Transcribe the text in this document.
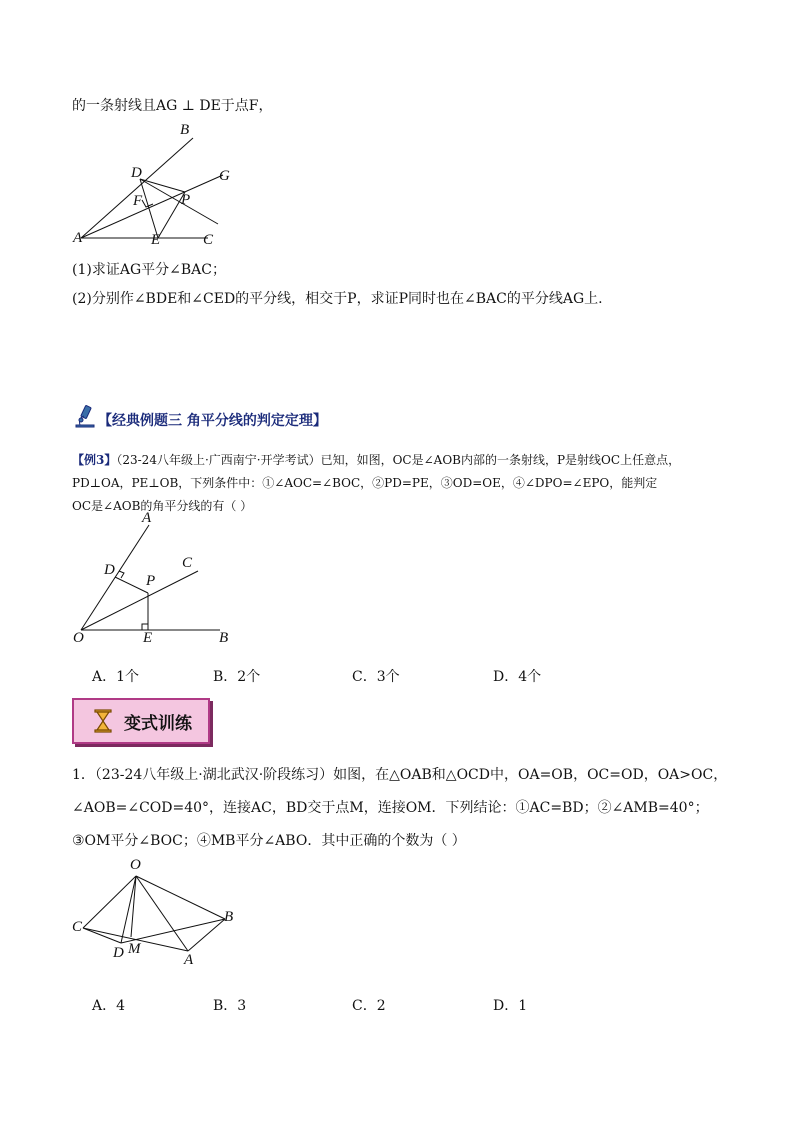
的一条射线且AG ⊥ DE于点F，
B
D	G
F	P
A	E	C
(1)求证AG平分∠BAC；
(2)分别作∠BDE和∠CED的平分线，相交于P，求证P同时也在∠BAC的平分线AG上.
【经典例题三 角平分线的判定定理】
【例3】（23-24八年级上·广西南宁·开学考试）已知，如图，OC是∠AOB内部的一条射线，P是射线OC上任意点，
PD⊥OA，PE⊥OB，下列条件中：①∠AOC=∠BOC，②PD=PE，③OD=OE，④∠DPO=∠EPO，能判定
OC是∠AOB的角平分线的有（ ）
A
D	C
P
O	E	B
A．1个	B．2个	C．3个	D．4个
变式训练
1．（23-24八年级上·湖北武汉·阶段练习）如图，在△OAB和△OCD中，OA=OB，OC=OD，OA>OC，
∠AOB=∠COD=40°，连接AC，BD交于点M，连接OM．下列结论：①AC=BD；②∠AMB=40°；
③OM平分∠BOC；④MB平分∠ABO．其中正确的个数为（ ）
O
C
B
D M
A
A．4	B．3	C．2	D．1
